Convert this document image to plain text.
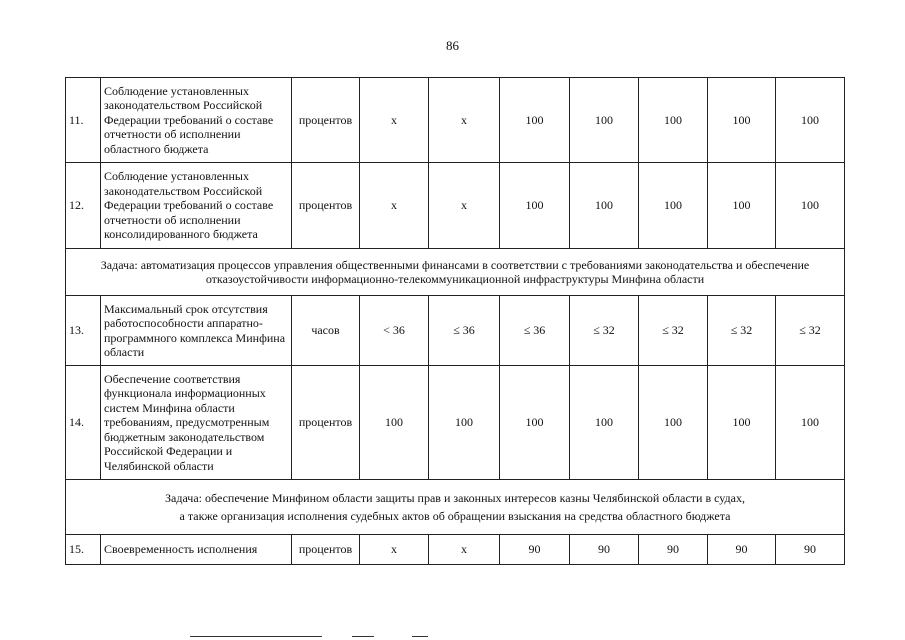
86
11.	Соблюдение установленных законодательством Российской Федерации требований о составе отчетности об исполнении областного бюджета	процентов	x	x	100	100	100	100	100
12.	Соблюдение установленных законодательством Российской Федерации требований о составе отчетности об исполнении консолидированного бюджета	процентов	x	x	100	100	100	100	100
Задача: автоматизация процессов управления общественными финансами в соответствии с требованиями законодательства и обеспечение отказоустойчивости информационно-телекоммуникационной инфраструктуры Минфина области									
13.	Максимальный срок отсутствия работоспособности аппаратно-программного комплекса Минфина области	часов	< 36	≤ 36	≤ 36	≤ 32	≤ 32	≤ 32	≤ 32
14.	Обеспечение соответствия функционала информационных систем Минфина области требованиям, предусмотренным бюджетным законодательством Российской Федерации и Челябинской области	процентов	100	100	100	100	100	100	100

Задача: обеспечение Минфином области защиты прав и законных интересов казны Челябинской области в судах,
а также организация исполнения судебных актов об обращении взыскания на средства областного бюджета									

15.	Своевременность исполнения	процентов	x	x	90	90	90	90	90
